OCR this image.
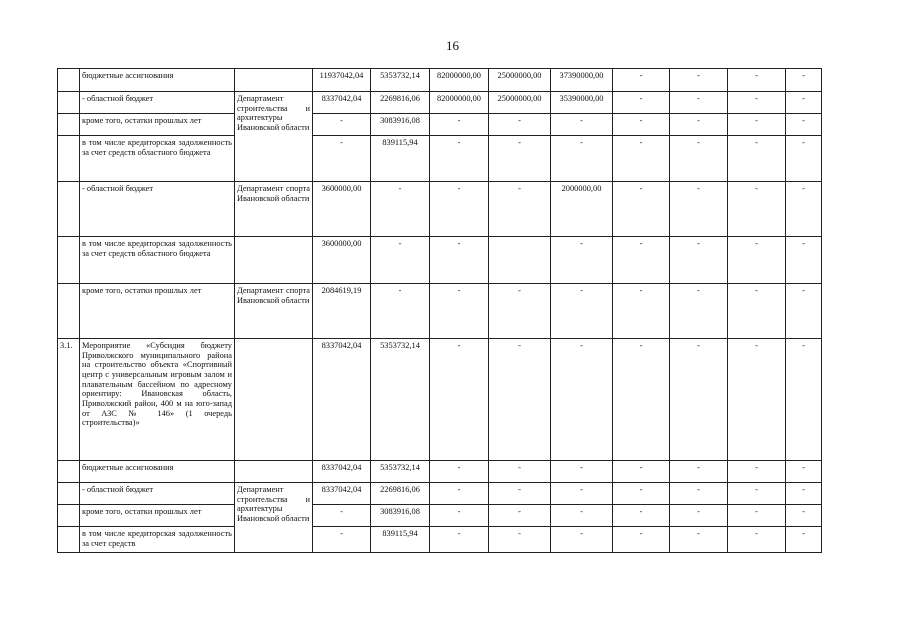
16
	бюджетные ассигнования		11937042,04	5353732,14	82000000,00	25000000,00	37390000,00	-	-	-	-
	- областной бюджет	Департамент строительства и архитектуры Ивановской области	8337042,04	2269816,06	82000000,00	25000000,00	35390000,00	-	-	-	-
	кроме того, остатки прошлых лет		-	3083916,08	-	-	-	-	-	-	-
	в том числе кредиторская задолженность за счет средств областного бюджета		-	839115,94	-	-	-	-	-	-	-
	- областной бюджет	Департамент спорта Ивановской области	3600000,00	-	-	-	2000000,00	-	-	-	-
	в том числе кредиторская задолженность за счет средств областного бюджета		3600000,00	-	-		-	-	-	-	-
	кроме того, остатки прошлых лет	Департамент спорта Ивановской области	2084619,19	-	-	-	-	-	-	-	-
3.1.	Мероприятие «Субсидия бюджету Приволжского муниципального района на строительство объекта «Спортивный центр с универсальным игровым залом и плавательным бассейном по адресному ориентиру: Ивановская область, Приволжский район, 400 м на юго-запад от АЗС № 146» (1 очередь строительства)»		8337042,04	5353732,14	-	-	-	-	-	-	-
	бюджетные ассигнования		8337042,04	5353732,14	-	-	-	-	-	-	-
	- областной бюджет	Департамент строительства и архитектуры Ивановской области	8337042,04	2269816,06	-	-	-	-	-	-	-
	кроме того, остатки прошлых лет		-	3083916,08	-	-	-	-	-	-	-
	в том числе кредиторская задолженность за счет средств		-	839115,94	-	-	-	-	-	-	-
